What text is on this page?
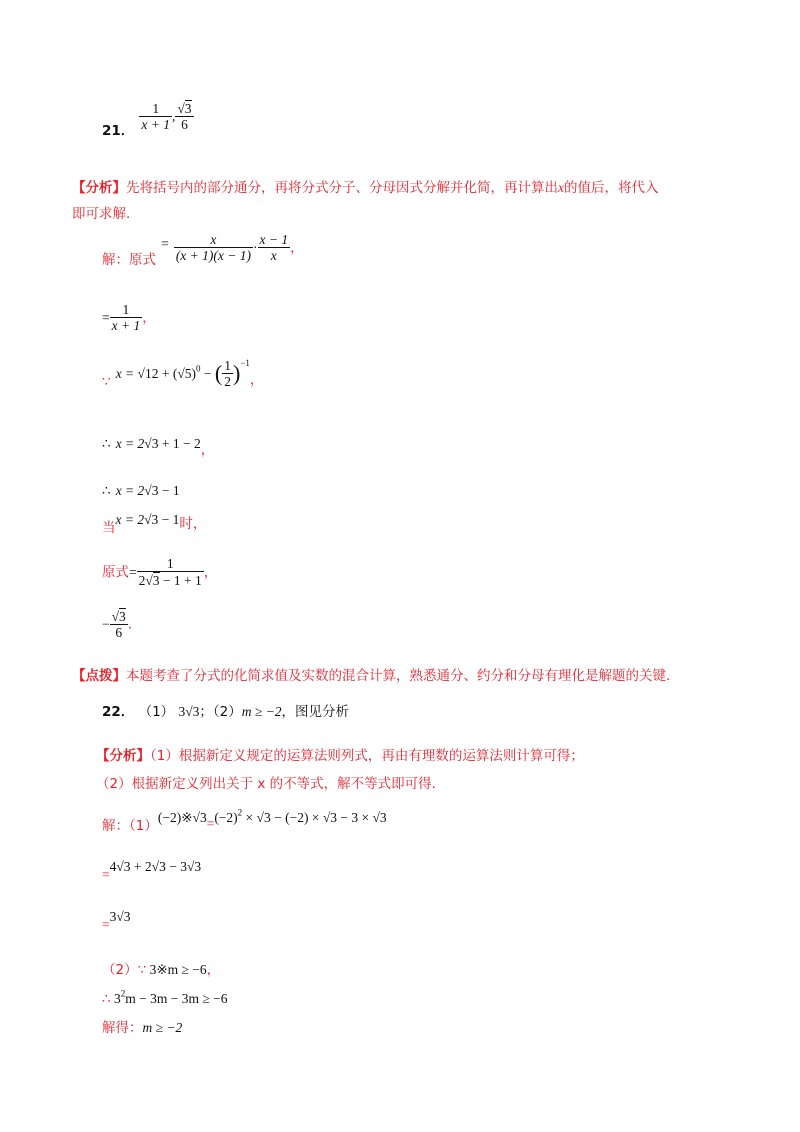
$_{21.} \frac{1}{x + 1}$ , $\frac{√3}{6}$
【分析】先将括号内的部分通分，再将分式分子、分母因式分解并化简，再计算出x的值后，将代入
即可求解.
$_{解:原式}$ $^= \frac{x}{(x + 1)(x - 1)} \cdot \frac{x - 1}{x}$ ，
= $\frac{1}{x + 1}$ ，
$_\because$ $x = √12 + (√5)^0$ − ( $\frac{1}{2} )^{-1}_,$
∴ $x = 2√3 + 1 - 2_,$
∴ x = 2√3 − 1
$_当x = 2√3 - 1_{时,}$
原式= $\frac{1}{2√3 - 1 + 1}$ ，
− $\frac{√3}{6}$ .
【点拨】本题考查了分式的化简求值及实数的混合计算，熟悉通分、约分和分母有理化是解题的关键.
22． （1） 3√3；（2）m ≥ −2，图见分析
【分析】（1）根据新定义规定的运算法则列式，再由有理数的运算法则计算可得；
（2）根据新定义列出关于 x 的不等式，解不等式即可得.
$_{解:(1)}(-2)※√3_=(-2)^2 \times √3 - (-2) \times √3 - 3 \times √3$
$_=$4√3 + 2√3 − 3√3
$_=$3√3
（2）∵ 3※m ≥ −6，
∴ $3^2m - 3m - 3m \ge -6$
解得：m ≥ −2
